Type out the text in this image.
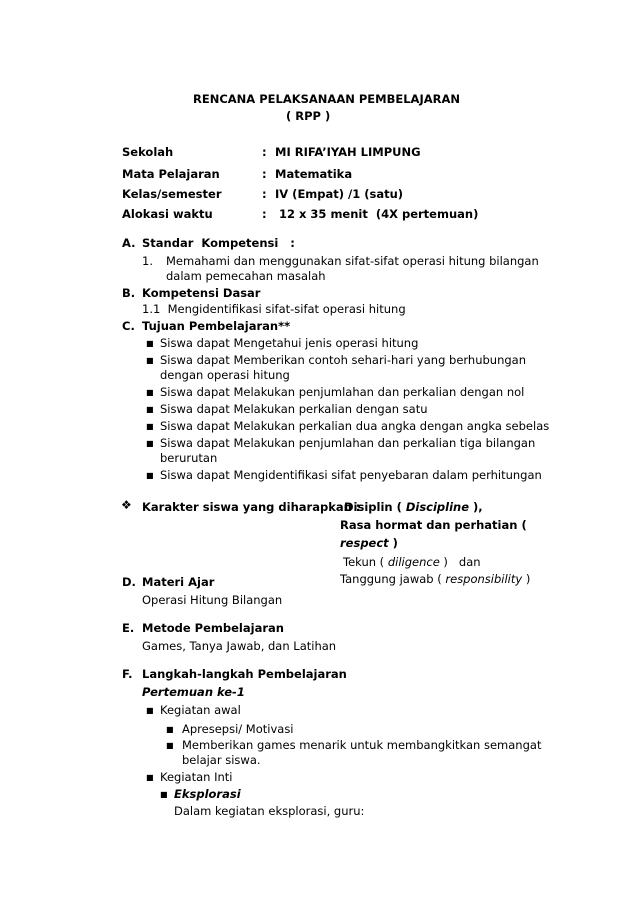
RENCANA PELAKSANAAN PEMBELAJARAN
( RPP )
Sekolah	: MI RIFA’IYAH LIMPUNG
Mata Pelajaran	: Matematika
Kelas/semester	: IV (Empat) /1 (satu)
Alokasi waktu	: 12 x 35 menit  (4X pertemuan)
A. Standar  Kompetensi   :
1. Memahami dan menggunakan sifat-sifat operasi hitung bilangan
dalam pemecahan masalah
B. Kompetensi Dasar
1.1  Mengidentifikasi sifat-sifat operasi hitung
C. Tujuan Pembelajaran**
■ Siswa dapat Mengetahui jenis operasi hitung
■ Siswa dapat Memberikan contoh sehari-hari yang berhubungan
dengan operasi hitung
■ Siswa dapat Melakukan penjumlahan dan perkalian dengan nol
■ Siswa dapat Melakukan perkalian dengan satu
■ Siswa dapat Melakukan perkalian dua angka dengan angka sebelas
■ Siswa dapat Melakukan penjumlahan dan perkalian tiga bilangan
berurutan
■ Siswa dapat Mengidentifikasi sifat penyebaran dalam perhitungan
❖ Karakter siswa yang diharapkan :
Disiplin ( Discipline ),
Rasa hormat dan perhatian (
respect )
Tekun ( diligence )   dan
Tanggung jawab ( responsibility )
D. Materi Ajar
Operasi Hitung Bilangan
E. Metode Pembelajaran
Games, Tanya Jawab, dan Latihan
F. Langkah-langkah Pembelajaran
Pertemuan ke-1
■ Kegiatan awal
■ Apresepsi/ Motivasi
■ Memberikan games menarik untuk membangkitkan semangat
belajar siswa.
■ Kegiatan Inti
■ Eksplorasi
Dalam kegiatan eksplorasi, guru:
